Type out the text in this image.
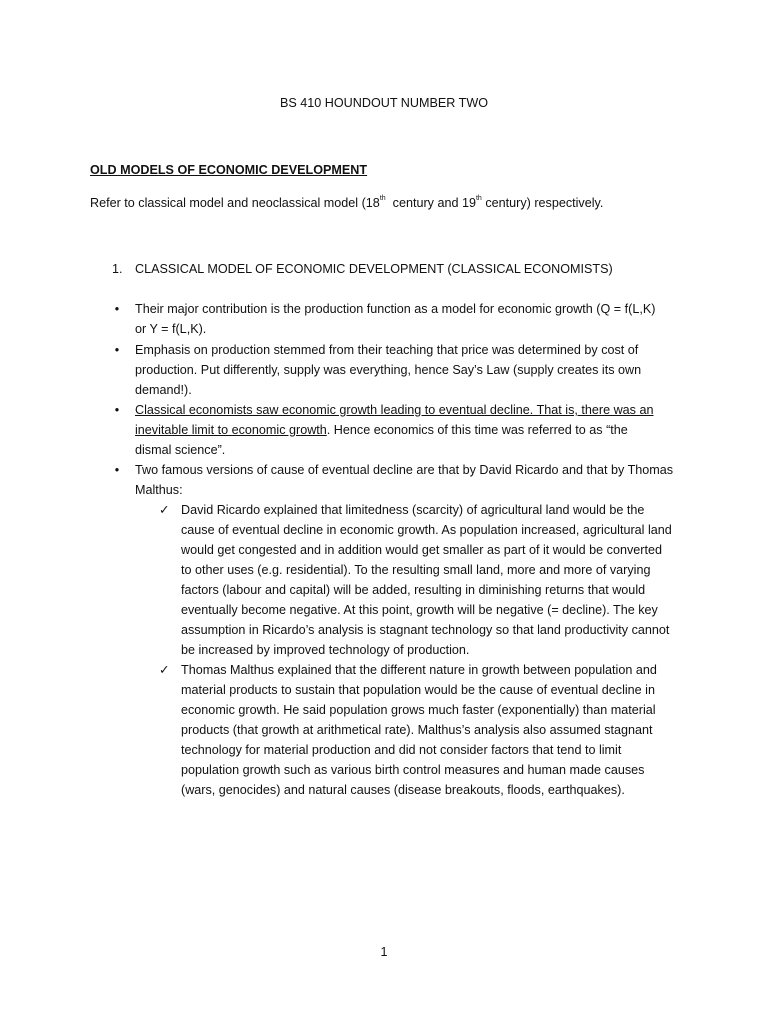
BS 410 HOUNDOUT NUMBER TWO
OLD MODELS OF ECONOMIC DEVELOPMENT
Refer to classical model and neoclassical model (18th  century and 19th century) respectively.
1. CLASSICAL MODEL OF ECONOMIC DEVELOPMENT (CLASSICAL ECONOMISTS)
• Their major contribution is the production function as a model for economic growth (Q = f(L,K)
or Y = f(L,K).
• Emphasis on production stemmed from their teaching that price was determined by cost of
production. Put differently, supply was everything, hence Say’s Law (supply creates its own
demand!).
• Classical economists saw economic growth leading to eventual decline. That is, there was an
inevitable limit to economic growth. Hence economics of this time was referred to as “the
dismal science”.
• Two famous versions of cause of eventual decline are that by David Ricardo and that by Thomas
Malthus:
✓ David Ricardo explained that limitedness (scarcity) of agricultural land would be the
cause of eventual decline in economic growth. As population increased, agricultural land
would get congested and in addition would get smaller as part of it would be converted
to other uses (e.g. residential). To the resulting small land, more and more of varying
factors (labour and capital) will be added, resulting in diminishing returns that would
eventually become negative. At this point, growth will be negative (= decline). The key
assumption in Ricardo’s analysis is stagnant technology so that land productivity cannot
be increased by improved technology of production.
✓ Thomas Malthus explained that the different nature in growth between population and
material products to sustain that population would be the cause of eventual decline in
economic growth. He said population grows much faster (exponentially) than material
products (that growth at arithmetical rate). Malthus’s analysis also assumed stagnant
technology for material production and did not consider factors that tend to limit
population growth such as various birth control measures and human made causes
(wars, genocides) and natural causes (disease breakouts, floods, earthquakes).
1
